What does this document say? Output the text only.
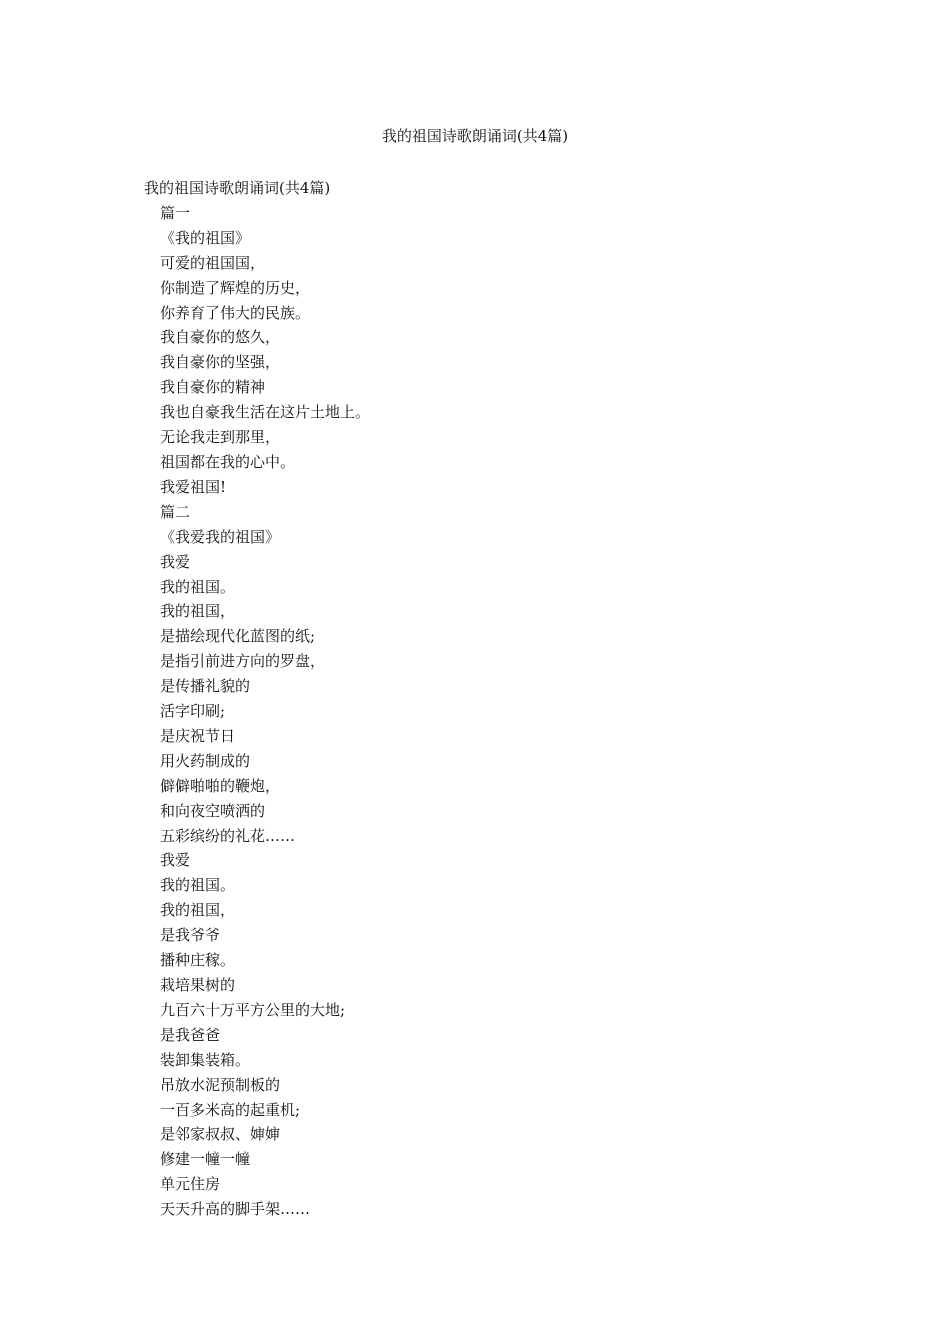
我的祖国诗歌朗诵词(共4篇)

我的祖国诗歌朗诵词(共4篇)

篇一
《我的祖国》
可爱的祖国国，
你制造了辉煌的历史，
你养育了伟大的民族。
我自豪你的悠久，
我自豪你的坚强，
我自豪你的精神
我也自豪我生活在这片土地上。
无论我走到那里，
祖国都在我的心中。
我爱祖国!
篇二
《我爱我的祖国》
我爱
我的祖国。
我的祖国，
是描绘现代化蓝图的纸;
是指引前进方向的罗盘，
是传播礼貌的
活字印刷;
是庆祝节日
用火药制成的
僻僻啪啪的鞭炮，
和向夜空喷洒的
五彩缤纷的礼花……
我爱
我的祖国。
我的祖国，
是我爷爷
播种庄稼。
栽培果树的
九百六十万平方公里的大地;
是我爸爸
装卸集装箱。
吊放水泥预制板的
一百多米高的起重机;
是邻家叔叔、婶婶
修建一幢一幢
单元住房
天天升高的脚手架……
